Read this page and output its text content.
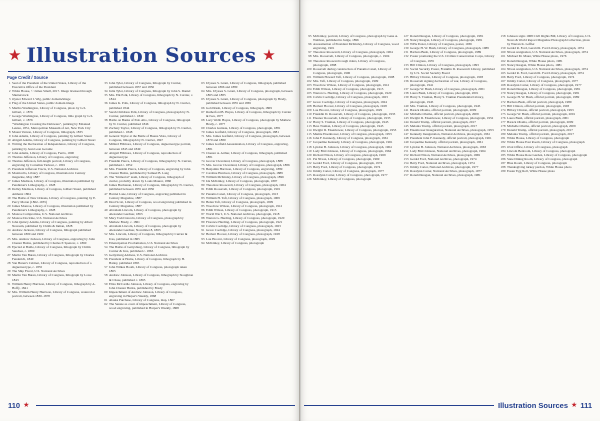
★ Illustration Sources ★
Page Credit / Source
1 Seal of the President of the United States, Library of the Executive Office of the President
2 White House, © James Small, 2017. Image licensed through Shutterstock
3 Oyster Edward I. Wig, public domain/image
4 Flag of the United States, public domain image
5 Martha Washington, Library of Congress, photo by G.S. Gilbert, c. 1876
7 George Washington, Library of Congress, litho graph by G.S. Gilbert, c. 1876
"Washington Crossing the Delaware", painting by Emanuel Leutze, 1851, Metropolitan Museum of Art, New York City
8 Mount Vernon, Library of Congress, lithograph, 1835
9 John Adams, Library of Congress, painting by Gilbert Stuart
10 Abigail Adams, Library of Congress, painting by Gilbert Stuart
11 Writing the Declaration of Independence, Library of Congress, painting by Jean Leon Gerome
12 John Adams, Library of Congress, Ferris, 1900
13 Thomas Jefferson, Library of Congress, engraving
14 Thomas Jefferson, full-length portrait, Library of Congress, engraving by Cornelius Tiebout, c. 1801
15 President Jefferson Tracts, U.S. National Archives
16 Monticello, Library of Congress, illustration in Century magazine, May 1887
17 James Madison, Library of Congress, illustration published by Pendleton's Lithography, c. 1828
18 Dolley Madison, Library of Congress, Gilbert Stuart, published Amherst 1804
19 The Battle of New Orleans, Library of Congress, painting by E. Percy Moran (1862–1935)
20 James Monroe, Library of Congress, illustration published by Pendleton's Lithography, c. 1828
21 Monroe Compromise, U.S. National Archives
22 Monroe Doctrine, U.S. National Archives
23 John Quincy Adams, Library of Congress, painting by Albert Newsam, published by Childs & Inman, 1828
24 Andrew Jackson, Library of Congress, lithograph published between 1800 and 1900
25 Mrs. Andrew Jackson, Library of Congress, engraving by John Chester Buttre, published by Charles P. Spencer, c. 1860
26 Ejected at Battle, Library of Congress, lithograph by Childs Sanchez, c. 1890
27 Martin Van Buren, Library of Congress, lithograph by Charles Fenderich, 1840
28 Van Buren's Cabinet, Library of Congress, reproduction of a daguerreotype, c. 1855
29 The Ship Fiscal, U.S. National Archives
30 Martin Van Buren, Library of Congress, lithograph by Lowe 1843
31 William Henry Harrison, Library of Congress, lithograph by A. Hoffy, 1841
32 Mrs. William Henry Harrison, Library of Congress, watercolor portrait, between 1830–1870
33 John Tyler, Library of Congress, lithograph by Currier, published between 1837 and 1856
34 Julia Tyler, Library of Congress, lithograph by John S. Daniel
35 Mrs. Elk Polk, Library of Congress, lithograph by N. Currier, c. 1844
36 James K. Polk, Library of Congress, lithograph by N. Currier, published 1844
37 Sarah Childress Polk, Library of Congress, photograph by N. Currier, published c. 1849
38 Battle on Banks of Palo Alto, Library of Congress, lithograph by N. Currier, published 1846
39 Zachary Taylor, Library of Congress, lithograph by N. Currier, published c. 1848
40 General Taylor at the Battle of Buena Vista, Library of Congress, lithograph by N. Currier, 1847
41 Millard Fillmore, Library of Congress, daguerreotype portrait, between 1845 and 1849
42 Abigail Fillmore, Library of Congress, reproduction of daguerreotype
43 Franklin Pierce, Library of Congress, lithograph by N. Currier, published c. 1852
44 Mrs. Franklin Pierce, Library of Congress, engraving by John Chester Buttre, published by Samuel B. Lang
45 The "Immortal" team, Library of Congress, lithograph of currier, probably drawn by Louis Maurer, 1860
46 James Buchanan, Library of Congress, lithograph by N. Currier, published between 1835 and 1856
47 Harriet Lane, Library of Congress, engraving published in Century Magazine, 1887
48 Dred Scott, Library of Congress, wood engraving published in Century Magazine, 1887
49 Abraham Lincoln, Library of Congress, photograph by Alexander Gardner, 1863
50 Mary Todd Lincoln, Library of Congress, photograph by Mathew Brady, c. 1861
51 Abraham Lincoln, Library of Congress, photograph by Alexander Gardner, November 8, 1863
52 Mrs. Lincoln, Library of Congress, lithograph by Currier & Ives, published in 1865
53 Emancipation Proclamation, U.S. National Archives
54 The Battle of Gettysburg, Library of Congress, lithograph by Currier & Ives, published c. 1863
55 Gettysburg Address, U.S. National Archives
56 President at Home, Library of Congress, lithograph by H. Bailey, published 1865
57 John Wilkes Booth, Library of Congress, photograph taken 1865
58 Andrew Johnson, Library of Congress, lithograph by Stoughton & Chase, published c. 1865
59 Eliza McCardle Johnson, Library of Congress, engraving by John Chester Buttre, published by Brady
60 Impeachment of Andrew Johnson, Library of Congress, engraving in Harper's Weekly, 1868
61 Alaska Purchase, Library of Congress, map, 1867
62 The Senate as court of impeachment, Library of Congress, wood engraving, published in Harper's Weekly, 1868
63 Ulysses S. Grant, Library of Congress, lithograph, published between 1866 and 1880
64 Mrs. Ulysses S. Grant, Library of Congress, photograph, between 1865 and 1885
65 Ulysses S. Grant, Library of Congress, photograph by Brady, published between 1855 and 1865
66 Gold Rush, Library of Congress, lithograph, 1869
67 Rutherford B. Hayes, Library of Congress, lithograph by Currier & Ives, 1877
68 Lucy Webb Hayes, Library of Congress, photograph by Mathew Brady, c. 1877
69 Charles Guiteau, Library of Congress, photograph, 1881
70 James Garfield, Library of Congress, photograph, 1881
71 Mrs. James Garfield, Library of Congress, photograph, between 1870 and 1880
72 James Garfield Assassination, Library of Congress, engraving, 1881
73 Chester A. Arthur, Library of Congress, lithograph, published 1881
74 Grover Cleveland, Library of Congress, photograph, 1888
75 Mrs. Grover Cleveland, Library of Congress, photograph, 1886
76 Benjamin Harrison, Library of Congress, engraving, 1889
77 Caroline Harrison, Library of Congress, photograph, 1889
78 William McKinley, Library of Congress, photograph, 1896
79 Ida McKinley, Library of Congress, photograph, 1897
80 Theodore Roosevelt, Library of Congress, photograph, 1904
81 Edith Roosevelt, Library of Congress, photograph, 1901
82 Panama Canal, Library of Congress, photograph, 1913
83 William H. Taft, Library of Congress, photograph, 1909
84 Helen Taft, Library of Congress, photograph, 1909
85 Woodrow Wilson, Library of Congress, photograph, 1912
86 Edith Wilson, Library of Congress, photograph, 1915
87 World War I, U.S. National Archives, photograph, 1918
88 Warren G. Harding, Library of Congress, photograph, 1920
89 Florence Harding, Library of Congress, photograph, 1921
90 Calvin Coolidge, Library of Congress, photograph, 1923
91 Grace Coolidge, Library of Congress, photograph, 1924
92 Herbert Hoover, Library of Congress, photograph, 1928
93 Lou Hoover, Library of Congress, photograph, 1929
94 McKinley, Library of Congress, photograph
110 ★
95 McKinley, portrait, Library of Congress, photograph by Gene A. Walthon, published in Judge, 1896
96 Assassination of President McKinley, Library of Congress, wood engraving, 1901
97 Theodore Roosevelt, Library of Congress, photograph, 1904
98 Mrs. Roosevelt, Library of Congress, photograph, c. 1904
99 Theodore Roosevelt rough riders, Library of Congress, photograph, 1898
100 Roosevelt during construction of Panama Canal, Library of Congress, photograph, 1906
101 William Howard Taft, Library of Congress, photograph, 1908
102 Mrs. Taft, Library of Congress, photograph, 1909
103 Woodrow Wilson, Library of Congress, photograph, 1912
104 Edith Wilson, Library of Congress, photograph, 1915
105 Warren G. Harding, Library of Congress, photograph, 1920
106 Calvin Coolidge, Library of Congress, photograph, 1923
107 Grace Coolidge, Library of Congress, photograph, 1924
108 Herbert Hoover, Library of Congress, photograph, 1928
109 Lou Hoover, Library of Congress, photograph, 1929
110 Franklin D. Roosevelt, Library of Congress, photograph, 1933
111 Eleanor Roosevelt, Library of Congress, photograph, 1933
112 Harry S. Truman, Library of Congress, photograph, 1945
113 Bess Truman, Library of Congress, photograph, 1945
114 Dwight D. Eisenhower, Library of Congress, photograph, 1953
115 Mamie Eisenhower, Library of Congress, photograph, 1953
116 John F. Kennedy, Library of Congress, photograph, 1961
117 Jacqueline Kennedy, Library of Congress, photograph, 1961
118 Lyndon B. Johnson, Library of Congress, photograph, 1964
119 Lady Bird Johnson, Library of Congress, photograph, 1964
120 Richard Nixon, Library of Congress, photograph, 1969
121 Pat Nixon, Library of Congress, photograph, 1969
122 Gerald Ford, Library of Congress, photograph, 1974
123 Betty Ford, Library of Congress, photograph, 1974
124 Jimmy Carter, Library of Congress, photograph, 1977
125 Rosalynn Carter, Library of Congress, photograph, 1977
126 McKinley, Library of Congress, photograph
127 Ronald Reagan, Library of Congress, photograph, 1981
128 Nancy Reagan, Library of Congress, photograph, 1981
129 WPA Poster, Library of Congress, poster, 1936
130 George H. W. Bush, Library of Congress, photograph, 1989
131 Barbara Bush, Library of Congress, photograph, 1989
132 Poster promoting the U.S. Civilian Conservation Corps, Library of Congress, 1935
133 Bill Clinton, Library of Congress, photograph, 1993
134 Social Security Poster, Franklin D. Roosevelt Library, published by U.S. Social Security Board
135 Hillary Clinton, Library of Congress, photograph, 1993
136 Roosevelt signing declaration of war, Library of Congress, photograph, 1941
137 George W. Bush, Library of Congress, photograph, 2001
138 Laura Bush, Library of Congress, photograph, 2001
139 Harry S. Truman, Harry S. Truman Presidential Library, photograph, 1945
140 Mrs. Truman, Library of Congress, photograph, 1945
141 Barack Obama, official portrait, photograph, 2009
142 Michelle Obama, official portrait, photograph, 2009
143 Dwight D. Eisenhower, Library of Congress, photograph, 1952
144 Donald Trump, official portrait, photograph, 2017
145 Melania Trump, official portrait, photograph, 2017
146 Eisenhower Inauguration, National Archives, photograph, 1953
147 Kennedy Inauguration, National Archives, photograph, 1961
148 President John F. Kennedy, official portrait, photograph, 1961
149 Jacqueline Kennedy, official portrait, photograph, 1961
150 Lyndon B. Johnson, National Archives, photograph, 1963
151 Lady Bird Johnson, National Archives, photograph, 1964
152 Richard Nixon, National Archives, photograph, 1969
153 Gerald Ford, National Archives, photograph, 1974
154 Betty Ford, National Archives, photograph, 1974
155 Jimmy Carter, National Archives, photograph, 1977
156 Rosalynn Carter, National Archives, photograph, 1977
157 Ronald Reagan, National Archives, photograph, 1981
158 Johnson signs 1968 Civil Rights Bill, Library of Congress, U.S. News & World Report Magazine Photograph Collection, photo by Warren K. Leffler
159 Gerald R. Ford, Gerald R. Ford Library, photograph, 1974
160 Nixon resignation, U.S. National Archives, photograph, 1974
161 Michael M. Maier, White House photo, 1976
162 Ronald Reagan, White House photo, 1981
163 Nancy Reagan, White House photo, 1981
164 Nixon resignation, U.S. National Archives, photograph, 1974
165 Gerald R. Ford, Gerald R. Ford Library, photograph, 1974
166 Betty Ford, Library of Congress, photograph, 1974
167 Jimmy Carter, Library of Congress, photograph, 1977
168 Rosalynn Carter, Library of Congress, photograph, 1977
169 Ronald Reagan, Library of Congress, photograph, 1981
170 Nancy Reagan, Library of Congress, photograph, 1981
171 George H. W. Bush, official portrait, photograph, 1989
172 Barbara Bush, official portrait, photograph, 1989
173 Bill Clinton, official portrait, photograph, 1993
174 Hillary Clinton, official portrait, photograph, 1993
175 George W. Bush, official portrait, photograph, 2001
176 Laura Bush, official portrait, photograph, 2001
177 Barack Obama, official portrait, photograph, 2009
178 Michelle Obama, official portrait, photograph, 2009
179 Donald Trump, official portrait, photograph, 2017
180 Melania Trump, official portrait, photograph, 2017
181 White House, Library of Congress, photograph
182 White House East Room, Library of Congress, photograph
183 Oval Office, Library of Congress, photograph
184 Lincoln Bedroom, Library of Congress, photograph
185 White House Rose Garden, Library of Congress, photograph
186 State Dining Room, Library of Congress, photograph
187 Blue Room, Library of Congress, photograph
188 Thanksgiving turkey pardon, White House photo
189 Easter Egg Roll, White House photo
Illustration Sources ★ 111
